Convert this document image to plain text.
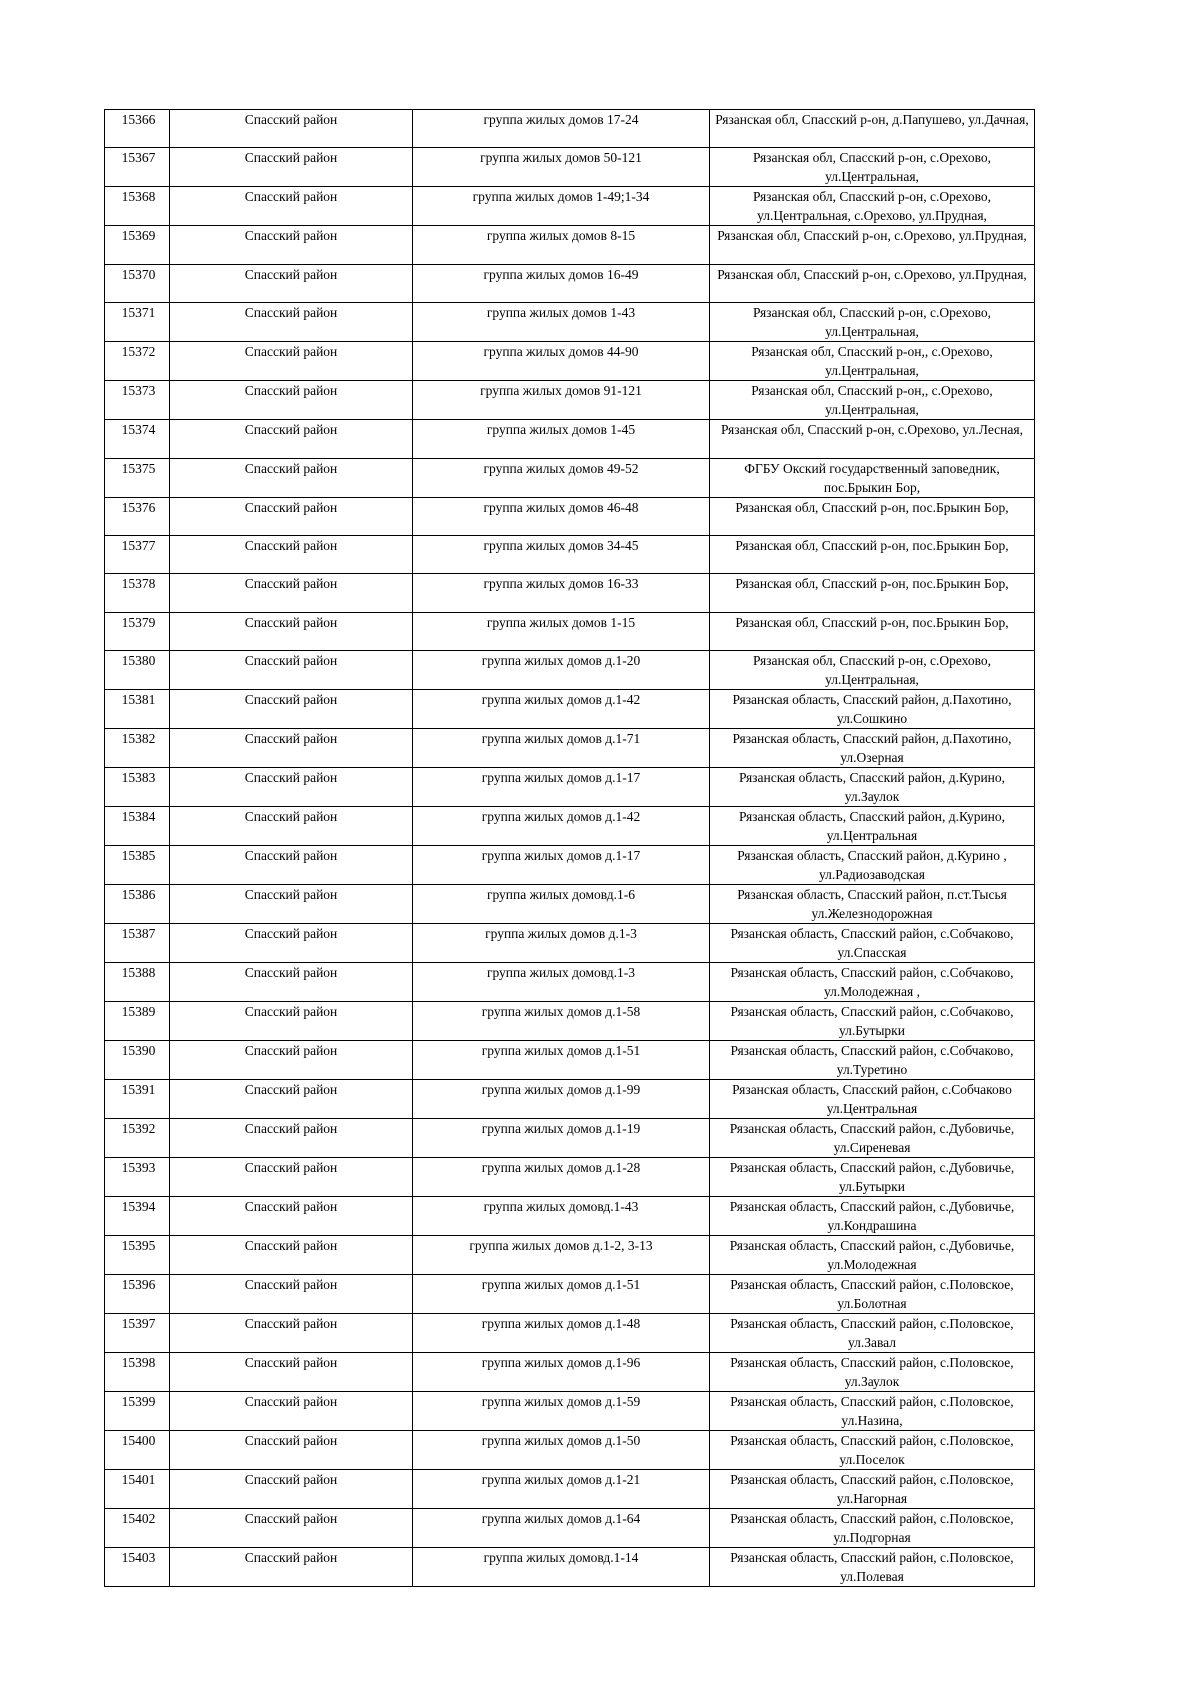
15366	Спасский район	группа жилых домов 17-24	Рязанская обл, Спасский р-он, д.Папушево, ул.Дачная,
15367	Спасский район	группа жилых домов 50-121	Рязанская обл, Спасский р-он, с.Орехово, ул.Центральная,
15368	Спасский район	группа жилых домов 1-49;1-34	Рязанская обл, Спасский р-он, с.Орехово, ул.Центральная, с.Орехово, ул.Прудная,
15369	Спасский район	группа жилых домов 8-15	Рязанская обл, Спасский р-он, с.Орехово, ул.Прудная,
15370	Спасский район	группа жилых домов 16-49	Рязанская обл, Спасский р-он, с.Орехово, ул.Прудная,
15371	Спасский район	группа жилых домов 1-43	Рязанская обл, Спасский р-он, с.Орехово, ул.Центральная,
15372	Спасский район	группа жилых домов 44-90	Рязанская обл, Спасский р-он,, с.Орехово, ул.Центральная,
15373	Спасский район	группа жилых домов 91-121	Рязанская обл, Спасский р-он,, с.Орехово, ул.Центральная,
15374	Спасский район	группа жилых домов 1-45	Рязанская обл, Спасский р-он, с.Орехово, ул.Лесная,
15375	Спасский район	группа жилых домов 49-52	ФГБУ Окский государственный заповедник, пос.Брыкин Бор,
15376	Спасский район	группа жилых домов 46-48	Рязанская обл, Спасский р-он, пос.Брыкин Бор,
15377	Спасский район	группа жилых домов 34-45	Рязанская обл, Спасский р-он, пос.Брыкин Бор,
15378	Спасский район	группа жилых домов 16-33	Рязанская обл, Спасский р-он, пос.Брыкин Бор,
15379	Спасский район	группа жилых домов 1-15	Рязанская обл, Спасский р-он, пос.Брыкин Бор,
15380	Спасский район	группа жилых домов д.1-20	Рязанская обл, Спасский р-он, с.Орехово, ул.Центральная,
15381	Спасский район	группа жилых домов д.1-42	Рязанская область, Спасский район, д.Пахотино, ул.Сошкино
15382	Спасский район	группа жилых домов д.1-71	Рязанская область, Спасский район, д.Пахотино, ул.Озерная
15383	Спасский район	группа жилых домов д.1-17	Рязанская область, Спасский район, д.Курино, ул.Заулок
15384	Спасский район	группа жилых домов д.1-42	Рязанская область, Спасский район, д.Курино, ул.Центральная
15385	Спасский район	группа жилых домов д.1-17	Рязанская область, Спасский район, д.Курино , ул.Радиозаводская
15386	Спасский район	группа жилых домовд.1-6	Рязанская область, Спасский район, п.ст.Тысья ул.Железнодорожная
15387	Спасский район	группа жилых домов д.1-3	Рязанская область, Спасский район, с.Собчаково, ул.Спасская
15388	Спасский район	группа жилых домовд.1-3	Рязанская область, Спасский район, с.Собчаково, ул.Молодежная ,
15389	Спасский район	группа жилых домов д.1-58	Рязанская область, Спасский район, с.Собчаково, ул.Бутырки
15390	Спасский район	группа жилых домов д.1-51	Рязанская область, Спасский район, с.Собчаково, ул.Туретино
15391	Спасский район	группа жилых домов д.1-99	Рязанская область, Спасский район, с.Собчаково ул.Центральная
15392	Спасский район	группа жилых домов д.1-19	Рязанская область, Спасский район, с.Дубовичье, ул.Сиреневая
15393	Спасский район	группа жилых домов д.1-28	Рязанская область, Спасский район, с.Дубовичье, ул.Бутырки
15394	Спасский район	группа жилых домовд.1-43	Рязанская область, Спасский район, с.Дубовичье, ул.Кондрашина
15395	Спасский район	группа жилых домов д.1-2, 3-13	Рязанская область, Спасский район, с.Дубовичье, ул.Молодежная
15396	Спасский район	группа жилых домов д.1-51	Рязанская область, Спасский район, с.Половское, ул.Болотная
15397	Спасский район	группа жилых домов д.1-48	Рязанская область, Спасский район, с.Половское, ул.Завал
15398	Спасский район	группа жилых домов д.1-96	Рязанская область, Спасский район, с.Половское, ул.Заулок
15399	Спасский район	группа жилых домов д.1-59	Рязанская область, Спасский район, с.Половское, ул.Назина,
15400	Спасский район	группа жилых домов д.1-50	Рязанская область, Спасский район, с.Половское, ул.Поселок
15401	Спасский район	группа жилых домов д.1-21	Рязанская область, Спасский район, с.Половское, ул.Нагорная
15402	Спасский район	группа жилых домов д.1-64	Рязанская область, Спасский район, с.Половское, ул.Подгорная
15403	Спасский район	группа жилых домовд.1-14	Рязанская область, Спасский район, с.Половское, ул.Полевая
